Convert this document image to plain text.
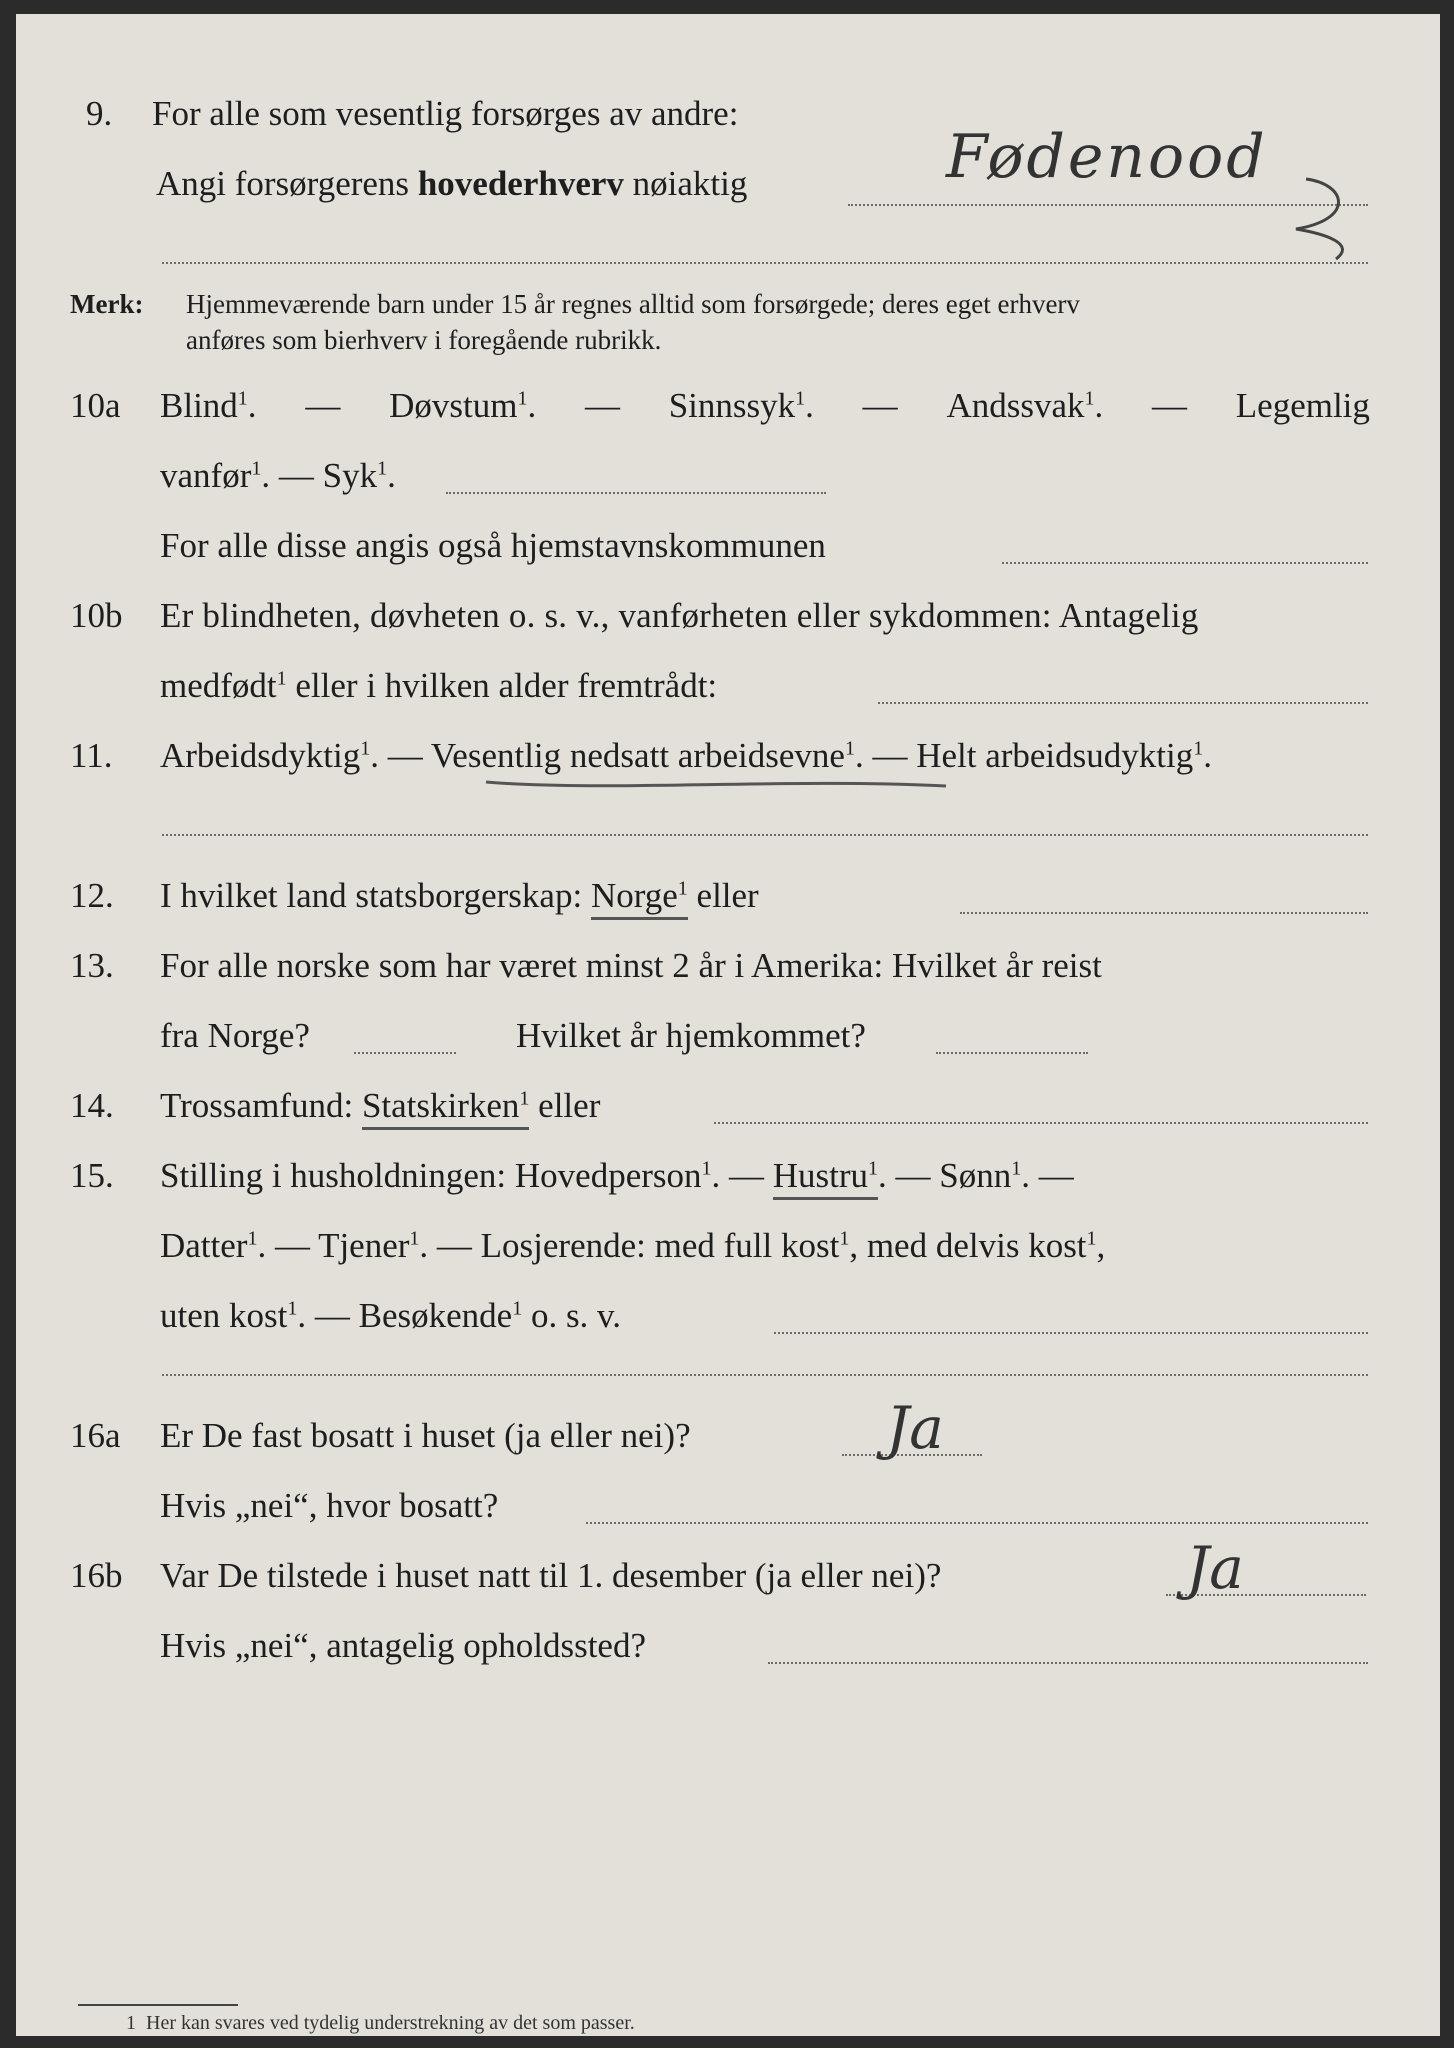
9. For alle som vesentlig forsørges av andre:
Angi forsørgerens hovederhverv nøiaktig	Fødenood
Merk: Hjemmeværende barn under 15 år regnes alltid som forsørgede; deres eget erhverv
anføres som bierhverv i foregående rubrikk.
10a Blind$^1$. — Døvstum$^1$. — Sinnssyk$^1$. — Andssvak$^1$. — Legemlig
vanfør$^1$. — Syk$^1$.
For alle disse angis også hjemstavnskommunen
10b Er blindheten, døvheten o. s. v., vanførheten eller sykdommen: Antagelig
medfødt$^1$ eller i hvilken alder fremtrådt:
11. Arbeidsdyktig$^1$. — Vesentlig nedsatt arbeidsevne$^1$. — Helt arbeidsudyktig$^1$.
12. I hvilket land statsborgerskap: Norge$^1$ eller
13. For alle norske som har været minst 2 år i Amerika: Hvilket år reist
fra Norge?	Hvilket år hjemkommet?
14. Trossamfund: Statskirken$^1$ eller
15. Stilling i husholdningen: Hovedperson$^1$. — Hustru$^1$. — Sønn$^1$. —
Datter$^1$. — Tjener$^1$. — Losjerende: med full kost$^1$, med delvis kost$^1$,
uten kost$^1$. — Besøkende$^1$ o. s. v.
16a Er De fast bosatt i huset (ja eller nei)?	Ja
Hvis „nei“, hvor bosatt?
16b Var De tilstede i huset natt til 1. desember (ja eller nei)?	Ja
Hvis „nei“, antagelig opholdssted?
1 Her kan svares ved tydelig understrekning av det som passer.
